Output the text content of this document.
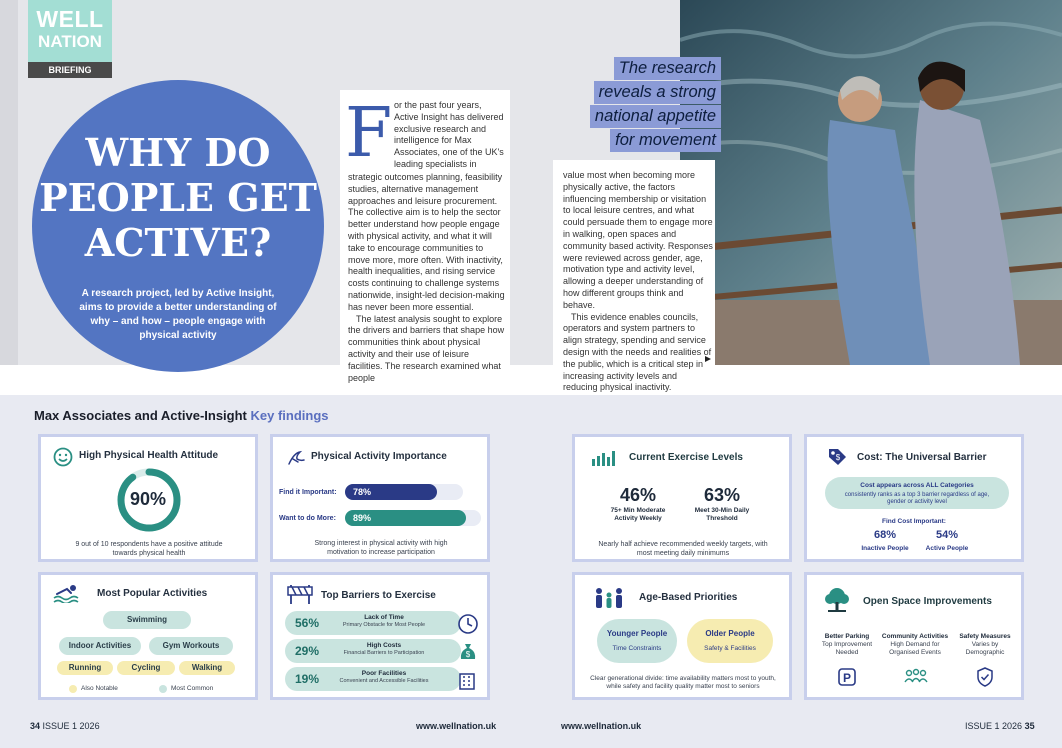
WELL
NATION
BRIEFING
WHY DO PEOPLE GET ACTIVE?
A research project, led by Active Insight, aims to provide a better understanding of why – and how – people engage with physical activity
F or the past four years, Active Insight has delivered exclusive research and intelligence for Max Associates, one of the UK's leading specialists in

strategic outcomes planning, feasibility studies, alternative management approaches and leisure procurement. The collective aim is to help the sector better understand how people engage with physical activity, and what it will take to encourage communities to move more, more often. With inactivity, health inequalities, and rising service costs continuing to challenge systems nationwide, insight-led decision-making has never been more essential.

The latest analysis sought to explore the drivers and barriers that shape how communities think about physical activity and their use of leisure facilities. The research examined what people

value most when becoming more physically active, the factors influencing membership or visitation to local leisure centres, and what could persuade them to engage more in walking, open spaces and community based activity. Responses were reviewed across gender, age, motivation type and activity level, allowing a deeper understanding of how different groups think and behave.

This evidence enables councils, operators and system partners to align strategy, spending and service design with the needs and realities of the public, which is a critical step in increasing activity levels and reducing physical inactivity.

The research
reveals a strong
national appetite
for movement
Max Associates and Active-Insight Key findings
High Physical Health Attitude
90%
9 out of 10 respondents have a positive attitude towards physical health
Physical Activity Importance
Find it Important: 78%
Want to do More: 89%
Strong interest in physical activity with high motivation to increase participation
Most Popular Activities
Swimming
Indoor Activities	Gym Workouts
Running	Cycling	Walking
Also Notable	Most Common
Top Barriers to Exercise
56%	Lack of Time
Primary Obstacle for Most People
29%	High Costs
Financial Barriers to Participation
19%	Poor Facilities
Convenient and Accessible Facilities
$
Current Exercise Levels
46%
75+ Min Moderate Activity Weekly
63%
Meet 30-Min Daily Threshold
Nearly half achieve recommended weekly targets, with most meeting daily minimums
$ Cost: The Universal Barrier
Cost appears across ALL Categories
consistently ranks as a top 3 barrier regardless of age, gender or activity level
Find Cost Important:
68%
Inactive People
54%
Active People
Age-Based Priorities
Younger People
Time Constraints
Older People
Safety & Facilities
Clear generational divide: time availability matters most to youth, while safety and facility quality matter most to seniors
Open Space Improvements
Better Parking
Top Improvement Needed
Community Activities
High Demand for Organised Events
Safety Measures
Varies by Demographic
P
34 ISSUE 1 2026	www.wellnation.uk	www.wellnation.uk	ISSUE 1 2026 35
